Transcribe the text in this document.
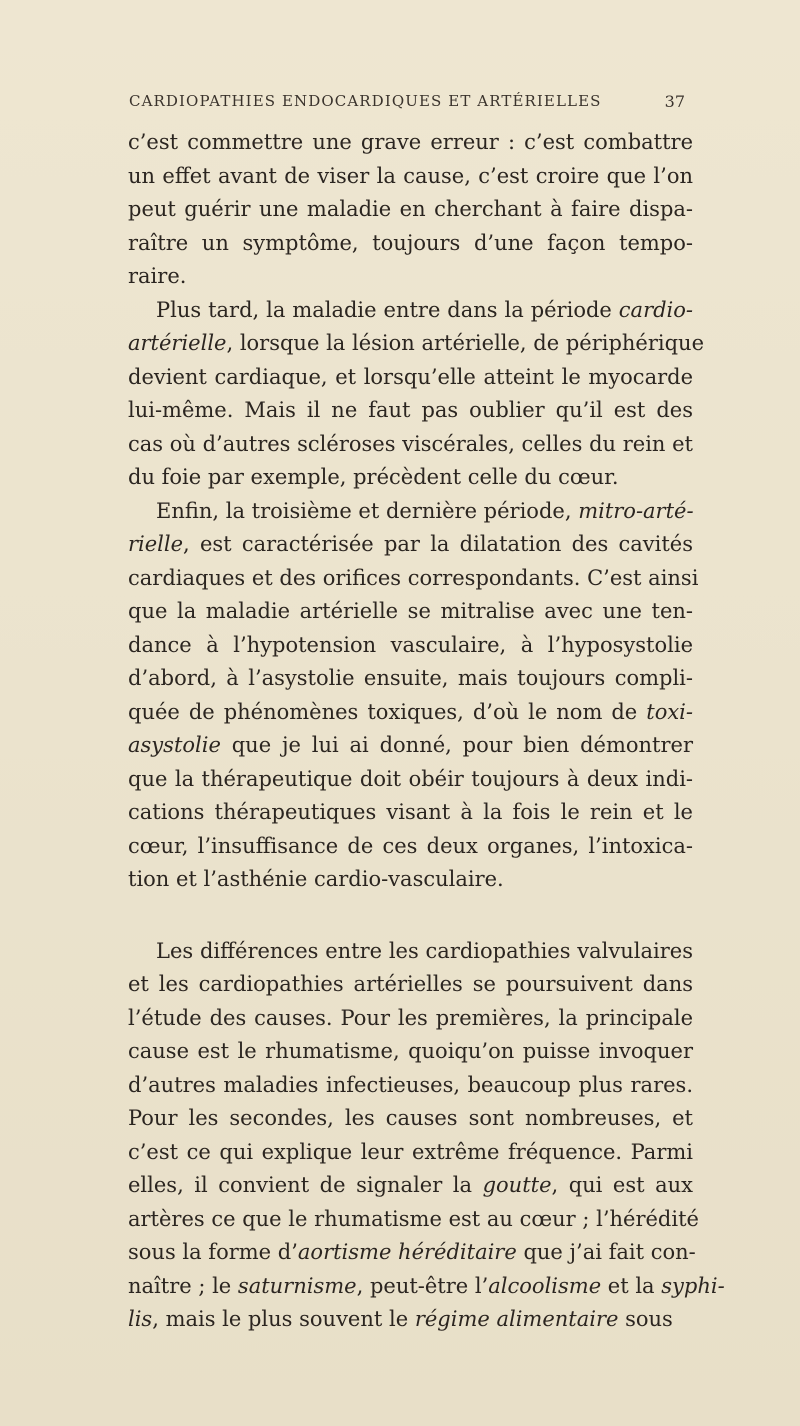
CARDIOPATHIES ENDOCARDIQUES ET ARTÉRIELLES	37
c’est commettre une grave erreur : c’est combattre
un effet avant de viser la cause, c’est croire que l’on
peut guérir une maladie en cherchant à faire dispa-
raître un symptôme, toujours d’une façon tempo-
raire.
Plus tard, la maladie entre dans la période cardio-
artérielle, lorsque la lésion artérielle, de périphérique
devient cardiaque, et lorsqu’elle atteint le myocarde
lui-même. Mais il ne faut pas oublier qu’il est des
cas où d’autres scléroses viscérales, celles du rein et
du foie par exemple, précèdent celle du cœur.
Enfin, la troisième et dernière période, mitro-arté-
rielle, est caractérisée par la dilatation des cavités
cardiaques et des orifices correspondants. C’est ainsi
que la maladie artérielle se mitralise avec une ten-
dance à l’hypotension vasculaire, à l’hyposystolie
d’abord, à l’asystolie ensuite, mais toujours compli-
quée de phénomènes toxiques, d’où le nom de toxi-
asystolie que je lui ai donné, pour bien démontrer
que la thérapeutique doit obéir toujours à deux indi-
cations thérapeutiques visant à la fois le rein et le
cœur, l’insuffisance de ces deux organes, l’intoxica-
tion et l’asthénie cardio-vasculaire.
Les différences entre les cardiopathies valvulaires
et les cardiopathies artérielles se poursuivent dans
l’étude des causes. Pour les premières, la principale
cause est le rhumatisme, quoiqu’on puisse invoquer
d’autres maladies infectieuses, beaucoup plus rares.
Pour les secondes, les causes sont nombreuses, et
c’est ce qui explique leur extrême fréquence. Parmi
elles, il convient de signaler la goutte, qui est aux
artères ce que le rhumatisme est au cœur ; l’hérédité
sous la forme d’aortisme héréditaire que j’ai fait con-
naître ; le saturnisme, peut-être l’alcoolisme et la syphi-
lis, mais le plus souvent le régime alimentaire sous
